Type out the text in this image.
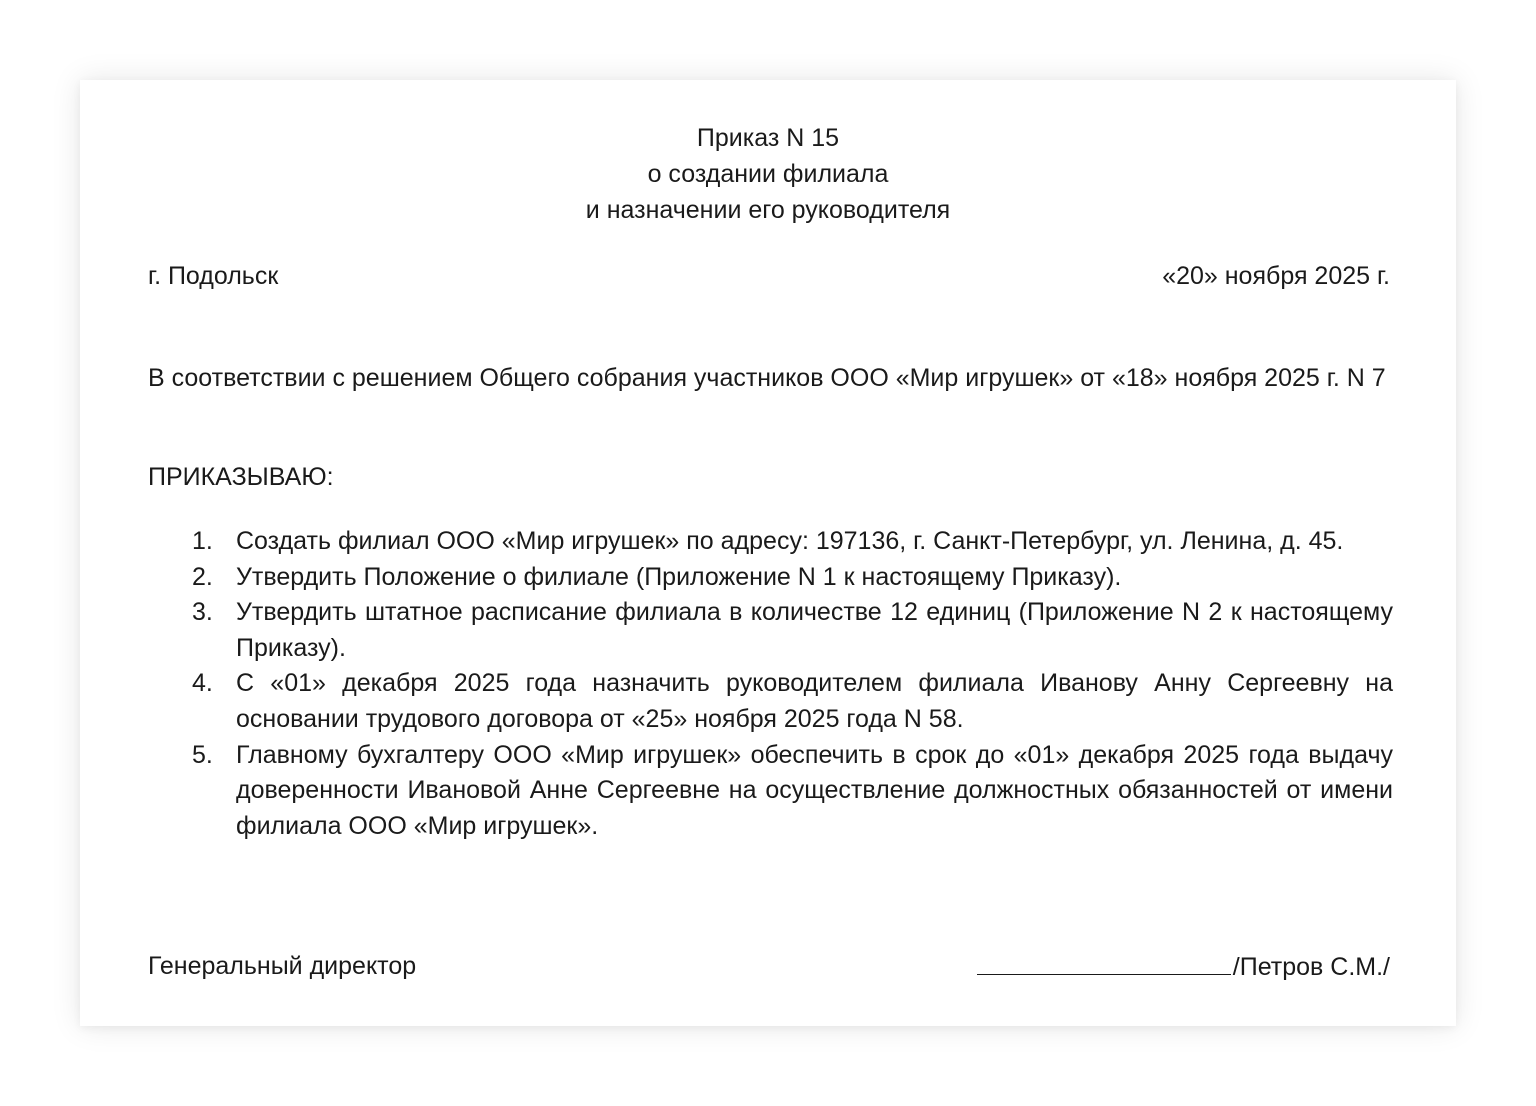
Приказ N 15
о создании филиала
и назначении его руководителя
г. Подольск	«20» ноября 2025 г.
В соответствии с решением Общего собрания участников ООО «Мир игрушек» от «18» ноября 2025 г. N 7
ПРИКАЗЫВАЮ:
1. Создать филиал ООО «Мир игрушек» по адресу: 197136, г. Санкт-Петербург, ул. Ленина, д. 45.
2. Утвердить Положение о филиале (Приложение N 1 к настоящему Приказу).
3. Утвердить штатное расписание филиала в количестве 12 единиц (Приложение N 2 к настоящему Приказу).
4. С «01» декабря 2025 года назначить руководителем филиала Иванову Анну Сергеевну на основании трудового договора от «25» ноября 2025 года N 58.
5. Главному бухгалтеру ООО «Мир игрушек» обеспечить в срок до «01» декабря 2025 года выдачу доверенности Ивановой Анне Сергеевне на осуществление должностных обязанностей от имени филиала ООО «Мир игрушек».
Генеральный директор	/Петров С.М./
